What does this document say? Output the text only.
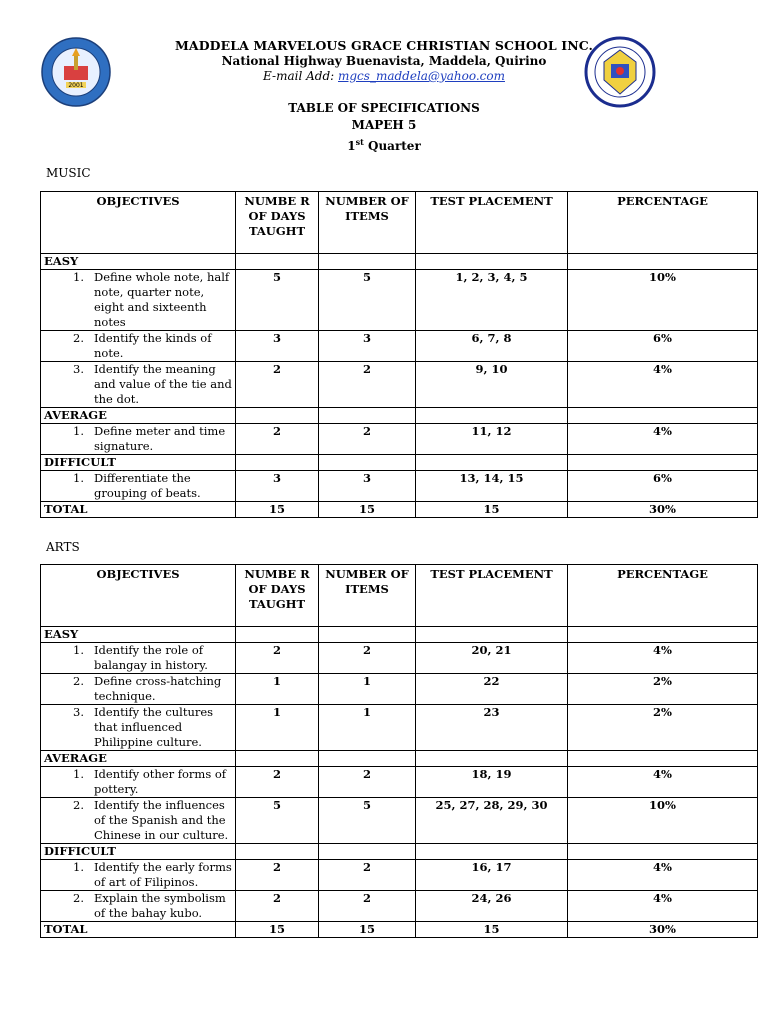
2001
MADDELA MARVELOUS GRACE CHRISTIAN SCHOOL INC.
National Highway Buenavista, Maddela, Quirino
E-mail Add: mgcs_maddela@yahoo.com
TABLE OF SPECIFICATIONS
MAPEH 5
1st Quarter
MUSIC
OBJECTIVES	NUMBE R OF DAYS TAUGHT	NUMBER OF ITEMS	TEST PLACEMENT	PERCENTAGE
EASY				

1. Define whole note, half note, quarter note, eight and sixteenth notes	5	5	1, 2, 3, 4, 5	10%

2. Identify the kinds of note.	3	3	6, 7, 8	6%

3. Identify the meaning and value of the tie and the dot.	2	2	9, 10	4%
AVERAGE				

1. Define meter and time signature.	2	2	11, 12	4%
DIFFICULT				

1. Differentiate the grouping of beats.	3	3	13, 14, 15	6%
TOTAL	15	15	15	30%
ARTS
OBJECTIVES	NUMBE R OF DAYS TAUGHT	NUMBER OF ITEMS	TEST PLACEMENT	PERCENTAGE
EASY				

1. Identify the role of balangay in history.	2	2	20, 21	4%

2. Define cross-hatching technique.	1	1	22	2%

3. Identify the cultures that influenced Philippine culture.	1	1	23	2%
AVERAGE				

1. Identify other forms of pottery.	2	2	18, 19	4%

2. Identify the influences of the Spanish and the Chinese in our culture.	5	5	25, 27, 28, 29, 30	10%
DIFFICULT				

1. Identify the early forms of art of Filipinos.	2	2	16, 17	4%

2. Explain the symbolism of the bahay kubo.	2	2	24, 26	4%
TOTAL	15	15	15	30%
